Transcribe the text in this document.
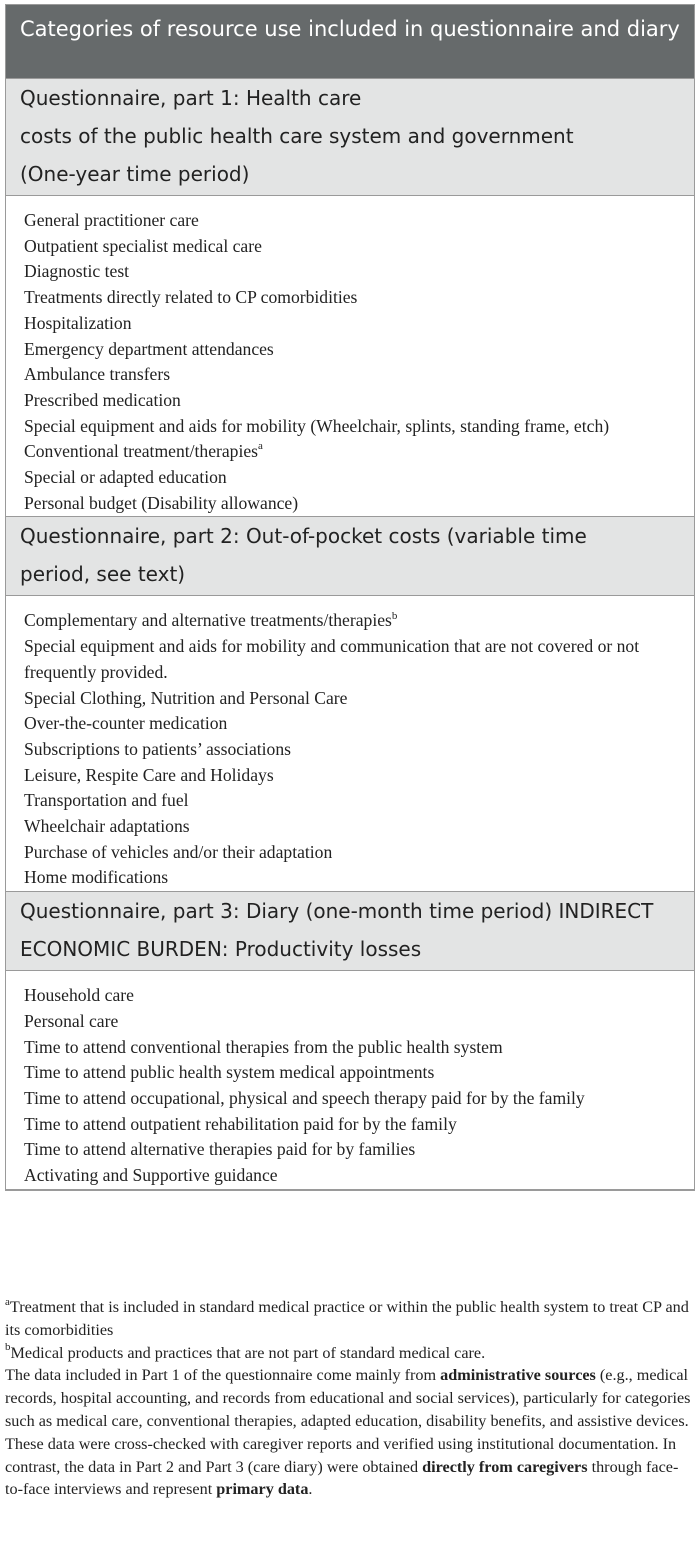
Categories of resource use included in questionnaire and diary
Questionnaire, part 1: Health care
costs of the public health care system and government
(One-year time period)
General practitioner care
Outpatient specialist medical care
Diagnostic test
Treatments directly related to CP comorbidities
Hospitalization
Emergency department attendances
Ambulance transfers
Prescribed medication
Special equipment and aids for mobility (Wheelchair, splints, standing frame, etch)
Conventional treatment/therapies$^a$
Special or adapted education
Personal budget (Disability allowance)
Questionnaire, part 2: Out-of-pocket costs (variable time
period, see text)
Complementary and alternative treatments/therapies$^b$
Special equipment and aids for mobility and communication that are not covered or not frequently provided.
Special Clothing, Nutrition and Personal Care
Over-the-counter medication
Subscriptions to patients’ associations
Leisure, Respite Care and Holidays
Transportation and fuel
Wheelchair adaptations
Purchase of vehicles and/or their adaptation
Home modifications
Questionnaire, part 3: Diary (one-month time period) INDIRECT
ECONOMIC BURDEN: Productivity losses
Household care
Personal care
Time to attend conventional therapies from the public health system
Time to attend public health system medical appointments
Time to attend occupational, physical and speech therapy paid for by the family
Time to attend outpatient rehabilitation paid for by the family
Time to attend alternative therapies paid for by families
Activating and Supportive guidance
$^a$Treatment that is included in standard medical practice or within the public health system to treat CP and its comorbidities
$^b$Medical products and practices that are not part of standard medical care.
The data included in Part 1 of the questionnaire come mainly from administrative sources (e.g., medical records, hospital accounting, and records from educational and social services), particularly for categories such as medical care, conventional therapies, adapted education, disability benefits, and assistive devices. These data were cross-checked with caregiver reports and verified using institutional documentation. In contrast, the data in Part 2 and Part 3 (care diary) were obtained directly from caregivers through face-to-face interviews and represent primary data.
